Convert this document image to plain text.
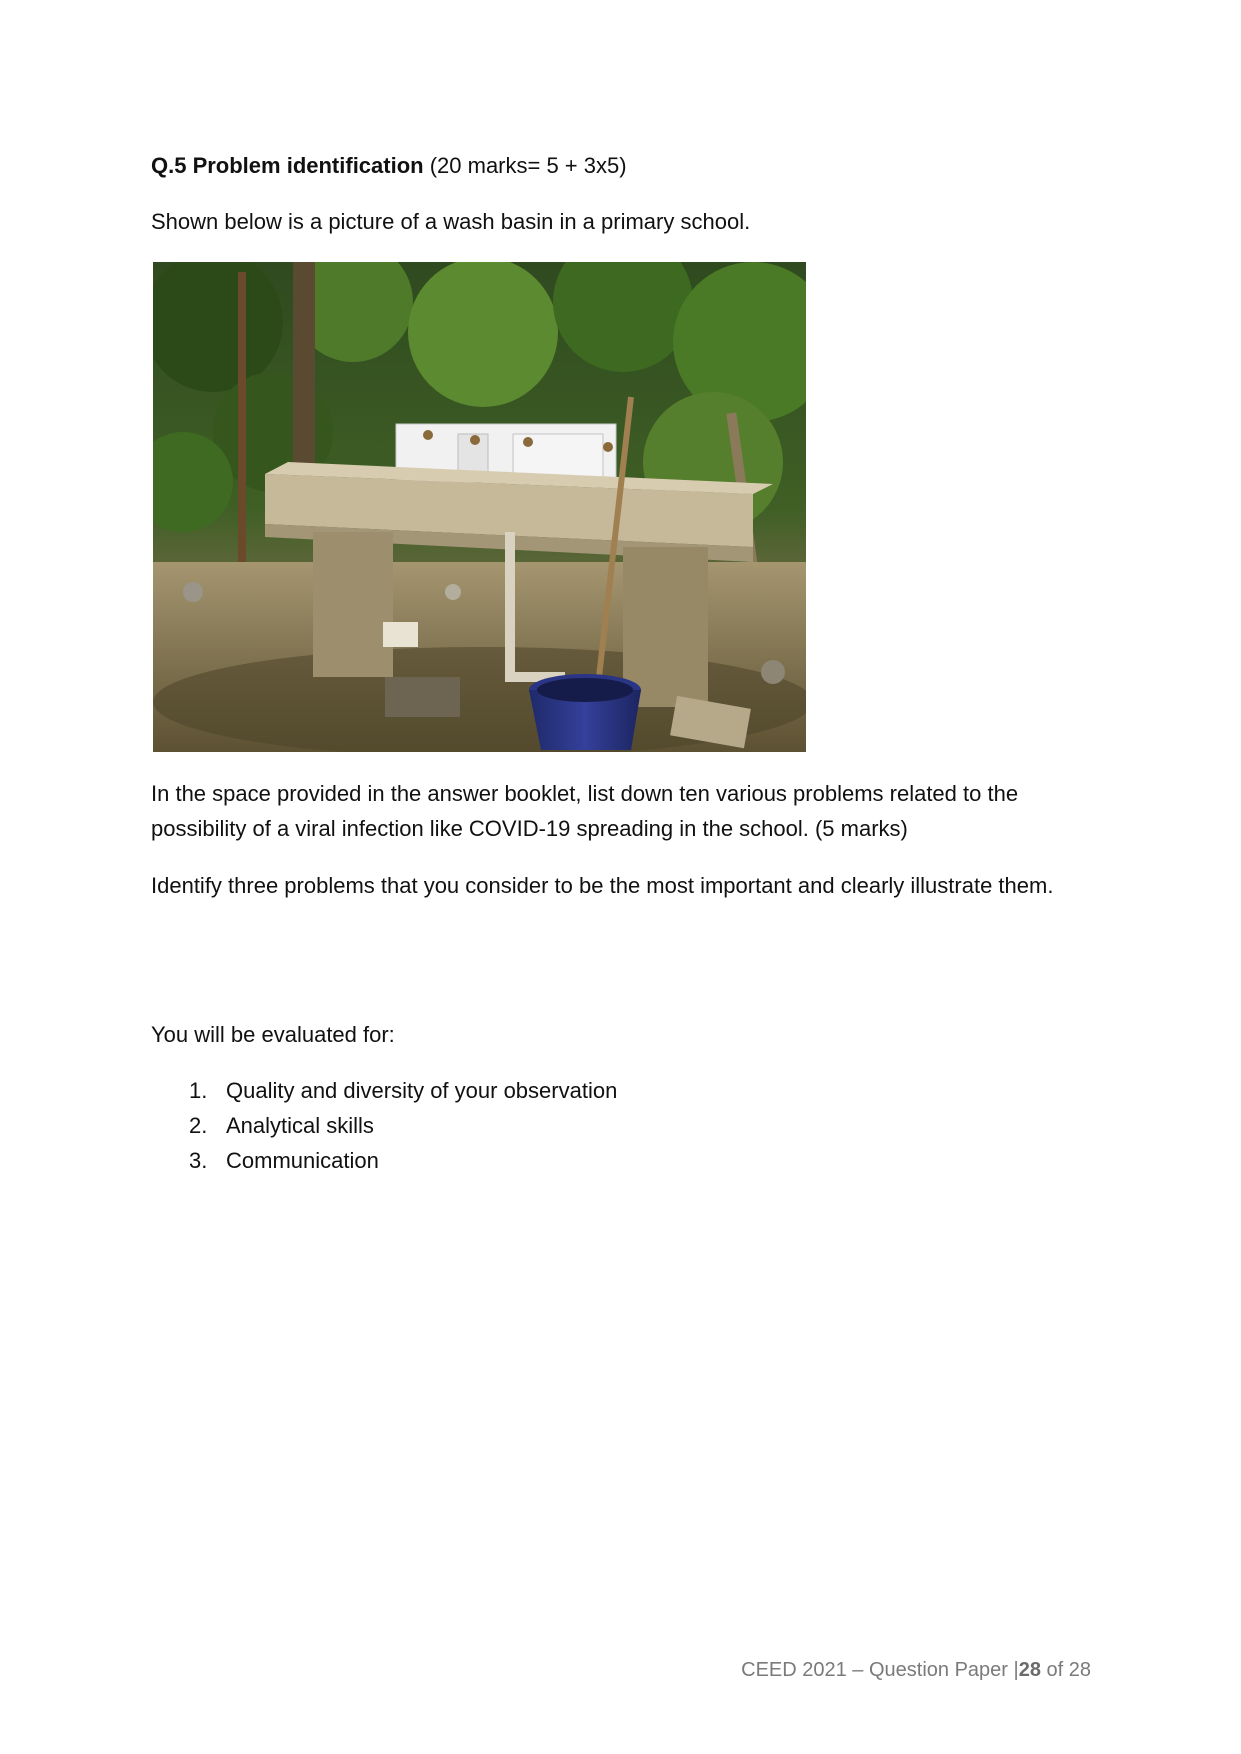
Q.5 Problem identification (20 marks= 5 + 3x5)

Shown below is a picture of a wash basin in a primary school.

In the space provided in the answer booklet, list down ten various problems related to the possibility of a viral infection like COVID-19 spreading in the school. (5 marks)

Identify three problems that you consider to be the most important and clearly illustrate them.

You will be evaluated for:

1. Quality and diversity of your observation
2. Analytical skills
3. Communication
CEED 2021 – Question Paper |28 of 28
